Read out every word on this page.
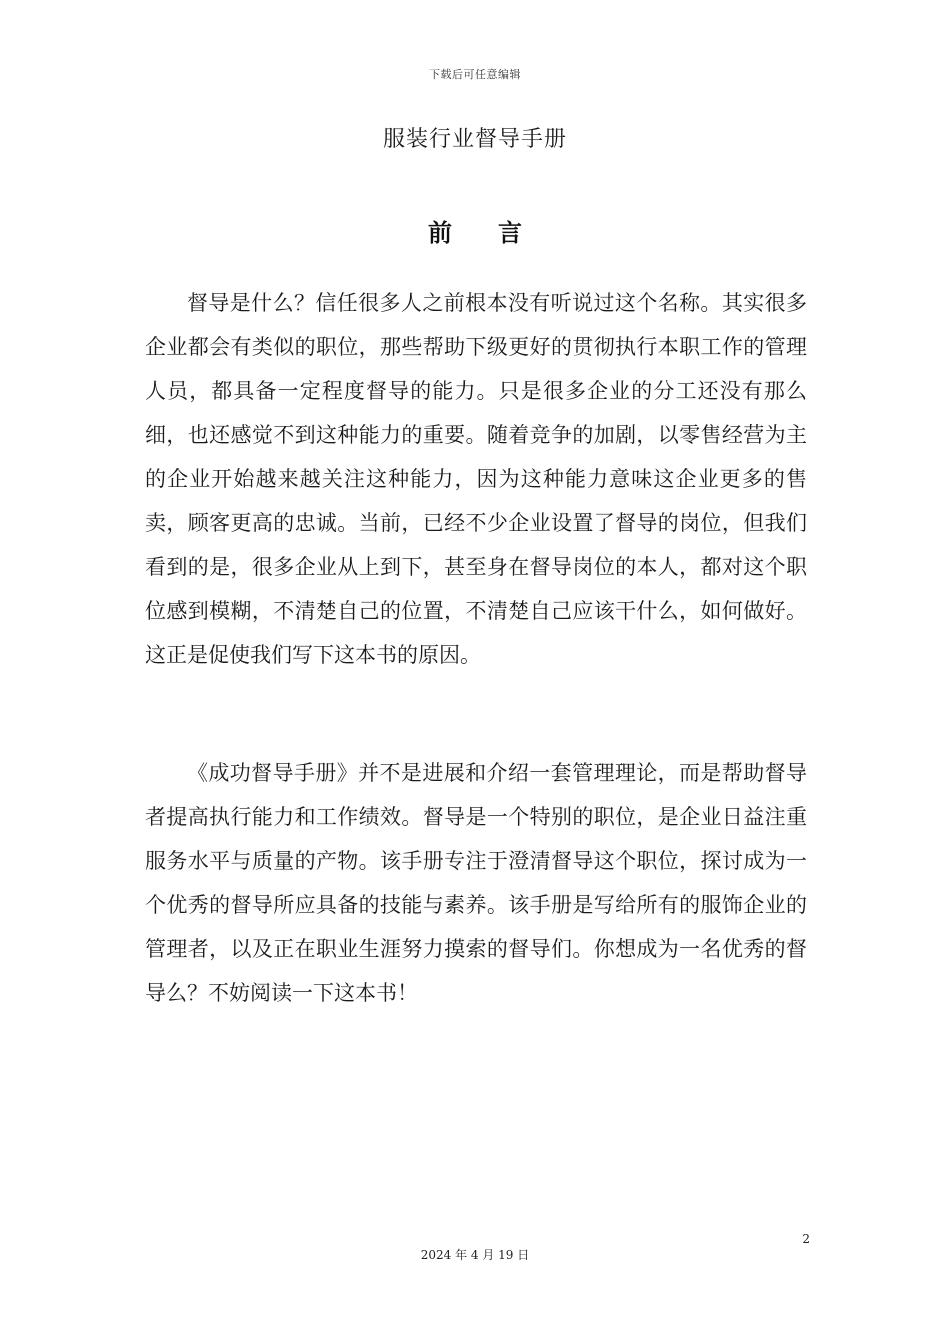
下载后可任意编辑
服装行业督导手册
前言

督导是什么？信任很多人之前根本没有听说过这个名称。其实很多企业都会有类似的职位，那些帮助下级更好的贯彻执行本职工作的管理人员，都具备一定程度督导的能力。只是很多企业的分工还没有那么细，也还感觉不到这种能力的重要。随着竞争的加剧，以零售经营为主的企业开始越来越关注这种能力，因为这种能力意味这企业更多的售卖，顾客更高的忠诚。当前，已经不少企业设置了督导的岗位，但我们看到的是，很多企业从上到下，甚至身在督导岗位的本人，都对这个职位感到模糊，不清楚自己的位置，不清楚自己应该干什么，如何做好。这正是促使我们写下这本书的原因。

《成功督导手册》并不是进展和介绍一套管理理论，而是帮助督导者提高执行能力和工作绩效。督导是一个特别的职位，是企业日益注重服务水平与质量的产物。该手册专注于澄清督导这个职位，探讨成为一个优秀的督导所应具备的技能与素养。该手册是写给所有的服饰企业的管理者，以及正在职业生涯努力摸索的督导们。你想成为一名优秀的督导么？不妨阅读一下这本书！

2
2024 年 4 月 19 日
